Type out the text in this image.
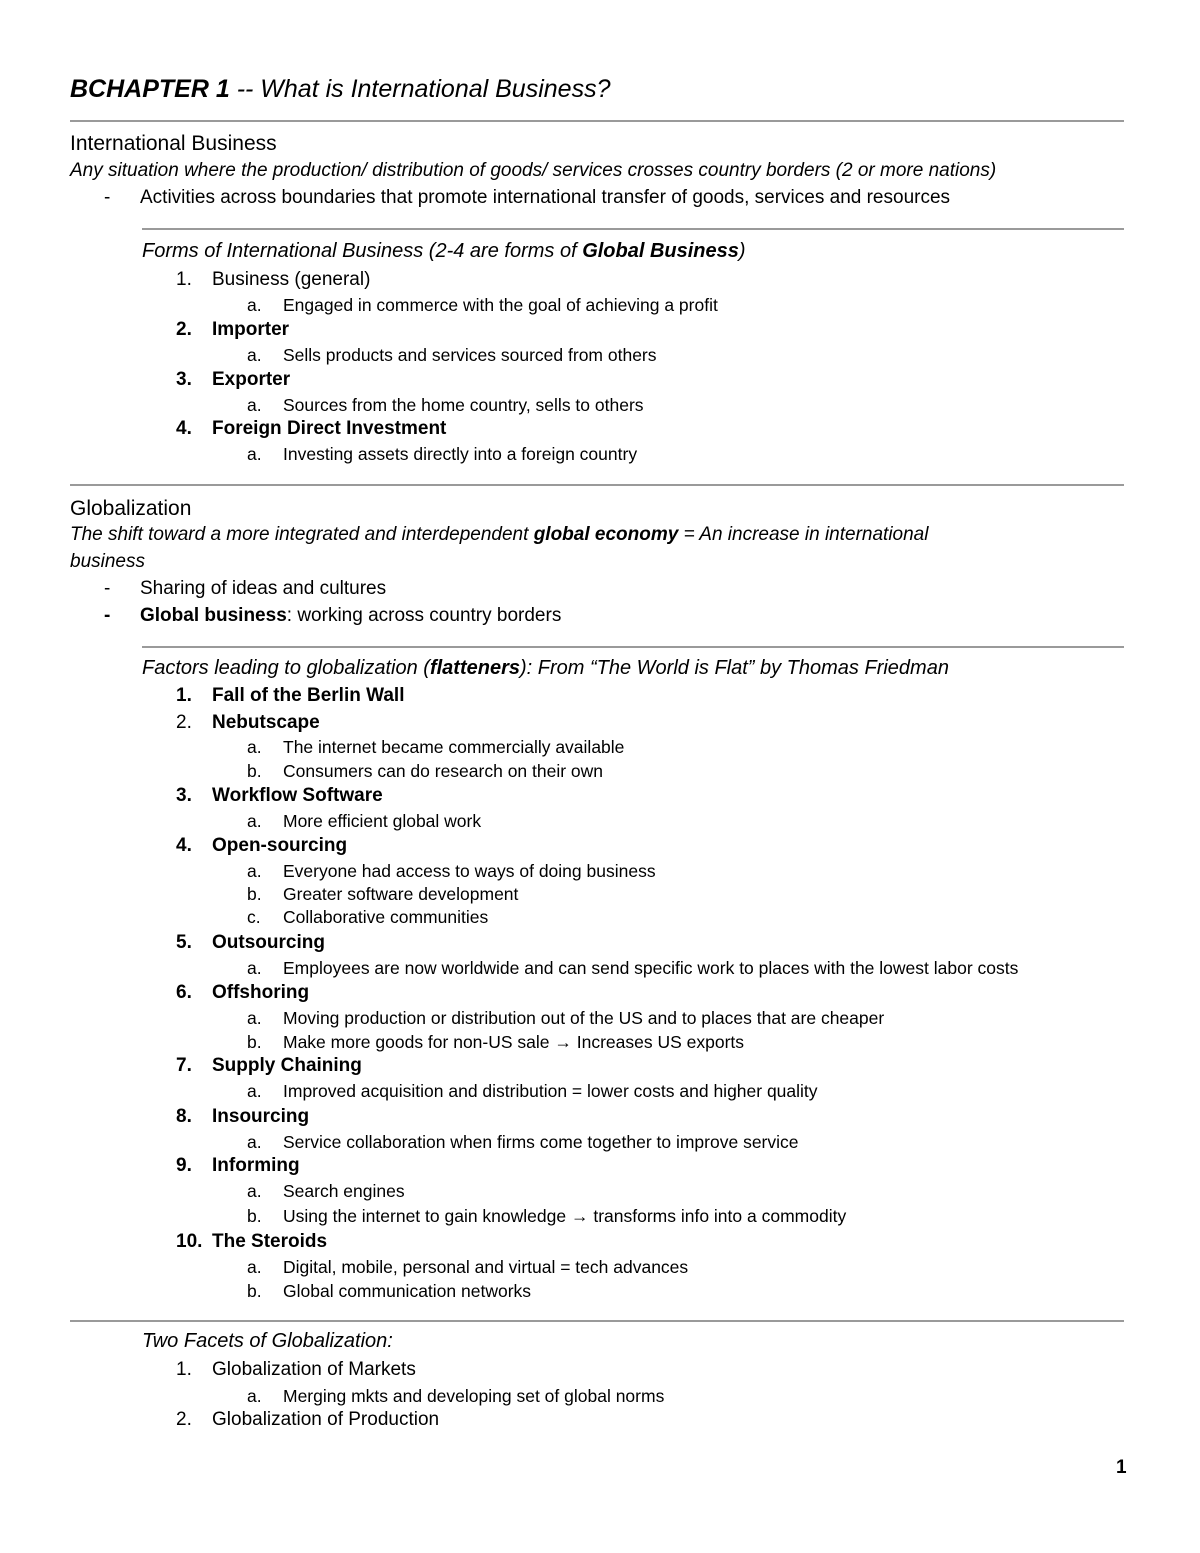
BCHAPTER 1 -- What is International Business?
International Business
Any situation where the production/ distribution of goods/ services crosses country borders (2 or more nations)
- Activities across boundaries that promote international transfer of goods, services and resources
Forms of International Business (2-4 are forms of Global Business)
1. Business (general)
a. Engaged in commerce with the goal of achieving a profit
2. Importer
a. Sells products and services sourced from others
3. Exporter
a. Sources from the home country, sells to others
4. Foreign Direct Investment
a. Investing assets directly into a foreign country
Globalization
The shift toward a more integrated and interdependent global economy = An increase in international
business
- Sharing of ideas and cultures
- Global business: working across country borders
Factors leading to globalization (flatteners): From “The World is Flat” by Thomas Friedman
1. Fall of the Berlin Wall
2. Nebutscape
a. The internet became commercially available
b. Consumers can do research on their own
3. Workflow Software
a. More efficient global work
4. Open-sourcing
a. Everyone had access to ways of doing business
b. Greater software development
c. Collaborative communities
5. Outsourcing
a. Employees are now worldwide and can send specific work to places with the lowest labor costs
6. Offshoring
a. Moving production or distribution out of the US and to places that are cheaper
b. Make more goods for non-US sale → Increases US exports
7. Supply Chaining
a. Improved acquisition and distribution = lower costs and higher quality
8. Insourcing
a. Service collaboration when firms come together to improve service
9. Informing
a. Search engines
b. Using the internet to gain knowledge → transforms info into a commodity
10. The Steroids
a. Digital, mobile, personal and virtual = tech advances
b. Global communication networks
Two Facets of Globalization:
1. Globalization of Markets
a. Merging mkts and developing set of global norms
2. Globalization of Production
1
